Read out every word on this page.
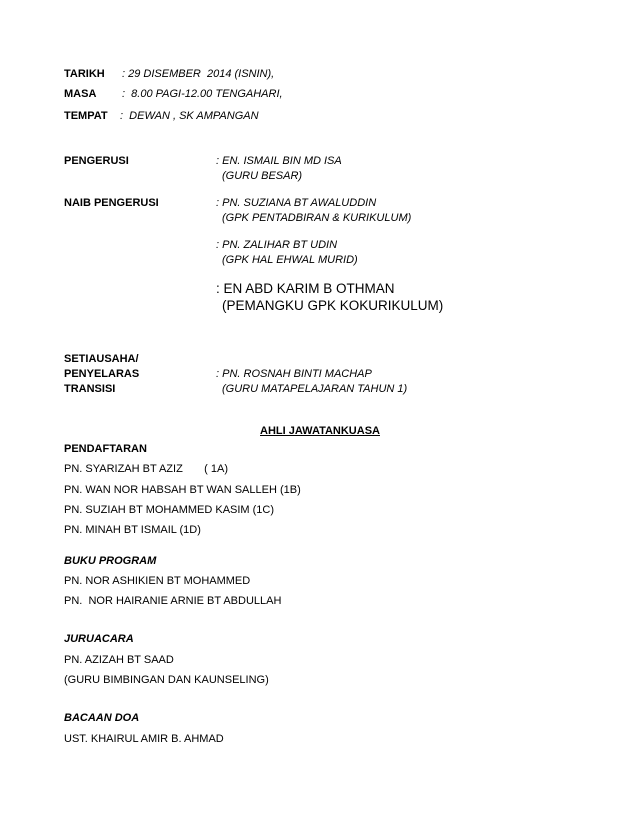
TARIKH : 29 DISEMBER  2014 (ISNIN),
MASA :  8.00 PAGI-12.00 TENGAHARI,
TEMPAT :  DEWAN , SK AMPANGAN
PENGERUSI	: EN. ISMAIL BIN MD ISA
(GURU BESAR)
NAIB PENGERUSI	: PN. SUZIANA BT AWALUDDIN
(GPK PENTADBIRAN & KURIKULUM)
: PN. ZALIHAR BT UDIN
(GPK HAL EHWAL MURID)
: EN ABD KARIM B OTHMAN
(PEMANGKU GPK KOKURIKULUM)
SETIAUSAHA/
PENYELARAS
TRANSISI
: PN. ROSNAH BINTI MACHAP
(GURU MATAPELAJARAN TAHUN 1)
AHLI JAWATANKUASA
PENDAFTARAN
PN. SYARIZAH BT AZIZ       ( 1A)
PN. WAN NOR HABSAH BT WAN SALLEH (1B)
PN. SUZIAH BT MOHAMMED KASIM (1C)
PN. MINAH BT ISMAIL (1D)
BUKU PROGRAM
PN. NOR ASHIKIEN BT MOHAMMED
PN.  NOR HAIRANIE ARNIE BT ABDULLAH
JURUACARA
PN. AZIZAH BT SAAD
(GURU BIMBINGAN DAN KAUNSELING)
BACAAN DOA
UST. KHAIRUL AMIR B. AHMAD
